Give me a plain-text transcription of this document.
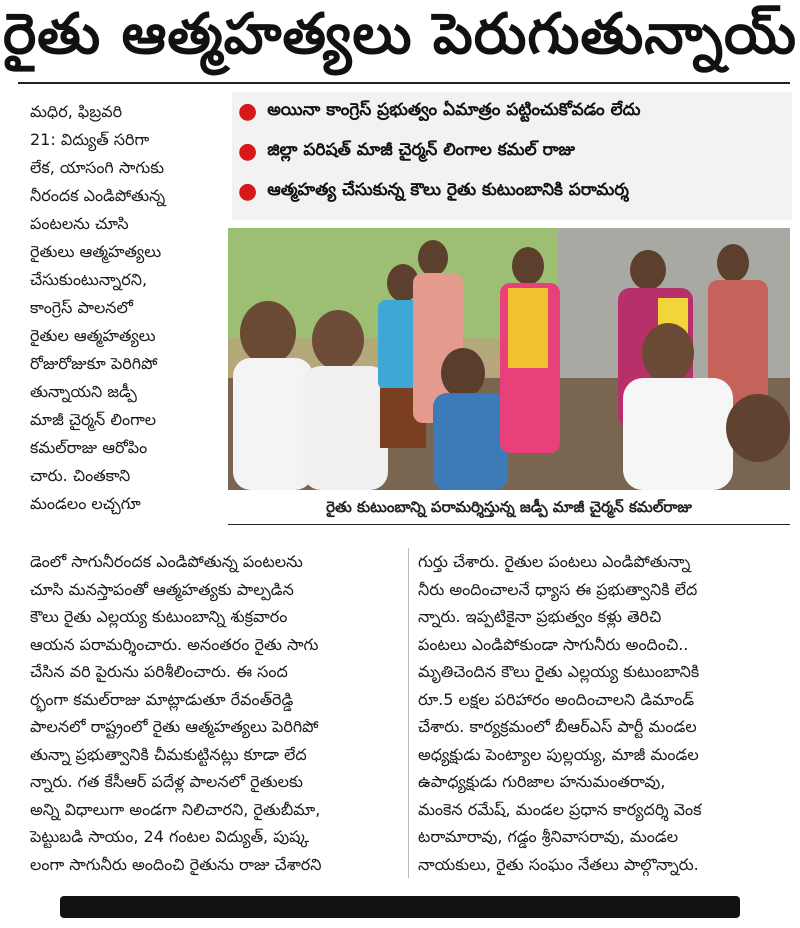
రైతు ఆత్మహత్యలు పెరుగుతున్నాయ్

మధిర, ఫిబ్రవరి

21: విద్యుత్ సరిగా

లేక, యాసంగి సాగుకు

నీరందక ఎండిపోతున్న

పంటలను చూసి

రైతులు ఆత్మహత్యలు

చేసుకుంటున్నారని,

కాంగ్రెస్ పాలనలో

రైతుల ఆత్మహత్యలు

రోజురోజుకూ పెరిగిపో

తున్నాయని జడ్పీ

మాజీ చైర్మన్ లింగాల

కమల్‌రాజు ఆరోపిం

చారు. చింతకాని

మండలం లచ్చగూ

● అయినా కాంగ్రెస్ ప్రభుత్వం ఏమాత్రం పట్టించుకోవడం లేదు
● జిల్లా పరిషత్ మాజీ చైర్మన్ లింగాల కమల్ రాజు
● ఆత్మహత్య చేసుకున్న కౌలు రైతు కుటుంబానికి పరామర్శ
రైతు కుటుంబాన్ని పరామర్శిస్తున్న జడ్పీ మాజీ చైర్మన్ కమల్‌రాజు

డెంలో సాగునీరందక ఎండిపోతున్న పంటలను

చూసి మనస్తాపంతో ఆత్మహత్యకు పాల్పడిన

కౌలు రైతు ఎల్లయ్య కుటుంబాన్ని శుక్రవారం

ఆయన పరామర్శించారు. అనంతరం రైతు సాగు

చేసిన వరి పైరును పరిశీలించారు. ఈ సంద

ర్భంగా కమల్‌రాజు మాట్లాడుతూ రేవంత్‌రెడ్డి

పాలనలో రాష్ట్రంలో రైతు ఆత్మహత్యలు పెరిగిపో

తున్నా ప్రభుత్వానికి చీమకుట్టినట్లు కూడా లేద

న్నారు. గత కేసీఆర్ పదేళ్ల పాలనలో రైతులకు

అన్ని విధాలుగా అండగా నిలిచారని, రైతుబీమా,

పెట్టుబడి సాయం, 24 గంటల విద్యుత్, పుష్క

లంగా సాగునీరు అందించి రైతును రాజు చేశారని

గుర్తు చేశారు. రైతుల పంటలు ఎండిపోతున్నా

నీరు అందించాలనే ధ్యాస ఈ ప్రభుత్వానికి లేద

న్నారు. ఇప్పటికైనా ప్రభుత్వం కళ్లు తెరిచి

పంటలు ఎండిపోకుండా సాగునీరు అందించి..

మృతిచెందిన కౌలు రైతు ఎల్లయ్య కుటుంబానికి

రూ.5 లక్షల పరిహారం అందించాలని డిమాండ్

చేశారు. కార్యక్రమంలో బీఆర్ఎస్ పార్టీ మండల

అధ్యక్షుడు పెంట్యాల పుల్లయ్య, మాజీ మండల

ఉపాధ్యక్షుడు గురిజాల హనుమంతరావు,

మంకెన రమేష్, మండల ప్రధాన కార్యదర్శి వెంక

టరామారావు, గడ్డం శ్రీనివాసరావు, మండల

నాయకులు, రైతు సంఘం నేతలు పాల్గొన్నారు.
